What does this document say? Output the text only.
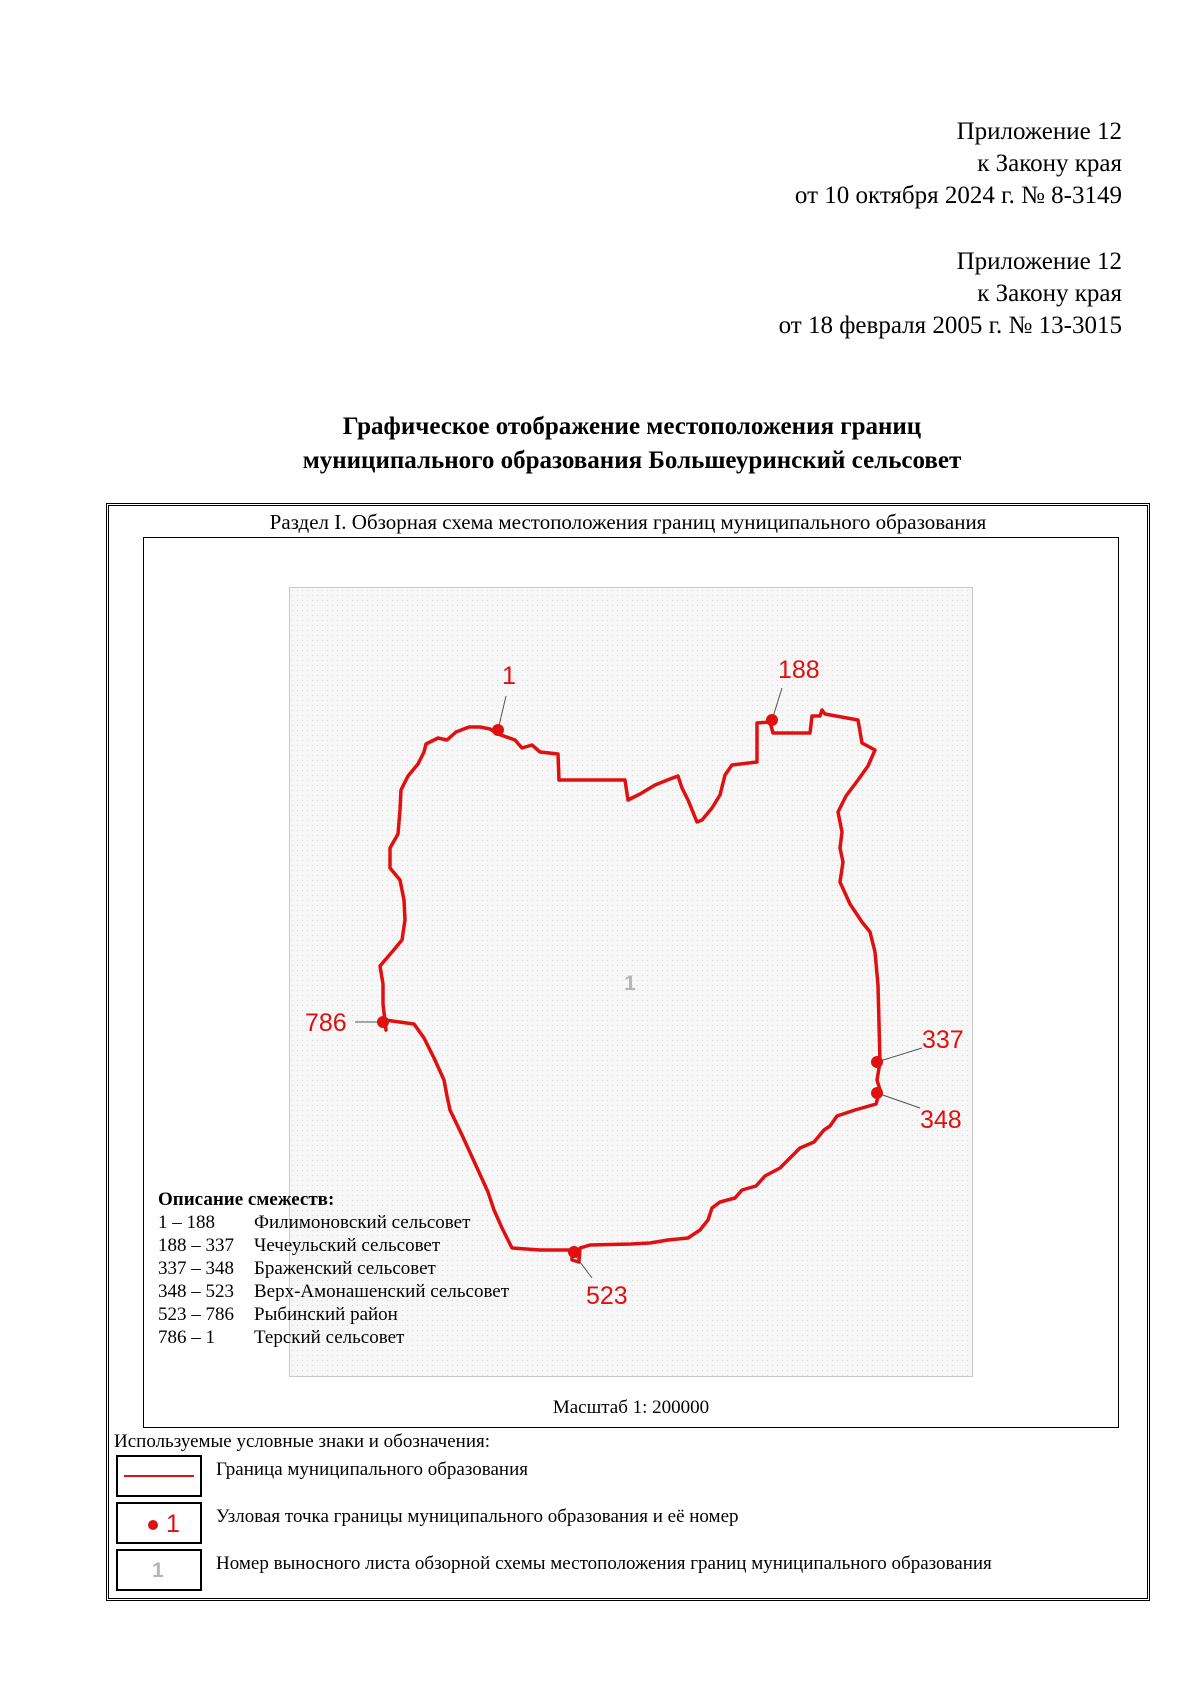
Приложение 12
к Закону края
от 10 октября 2024 г. № 8-3149
Приложение 12
к Закону края
от 18 февраля 2005 г. № 13-3015
Графическое отображение местоположения границ
муниципального образования Большеуринский сельсовет
Раздел I. Обзорная схема местоположения границ муниципального образования
1
1	188
337
348
523
786
Описание смежеств:
1 – 188	Филимоновский сельсовет
188 – 337	Чечеульский сельсовет
337 – 348	Браженский сельсовет
348 – 523	Верх-Амонашенский сельсовет
523 – 786	Рыбинский район
786 – 1	Терский сельсовет
Масштаб 1: 200000
Используемые условные знаки и обозначения:
Граница муниципального образования
1 Узловая точка границы муниципального образования и её номер
1	Номер выносного листа обзорной схемы местоположения границ муниципального образования
